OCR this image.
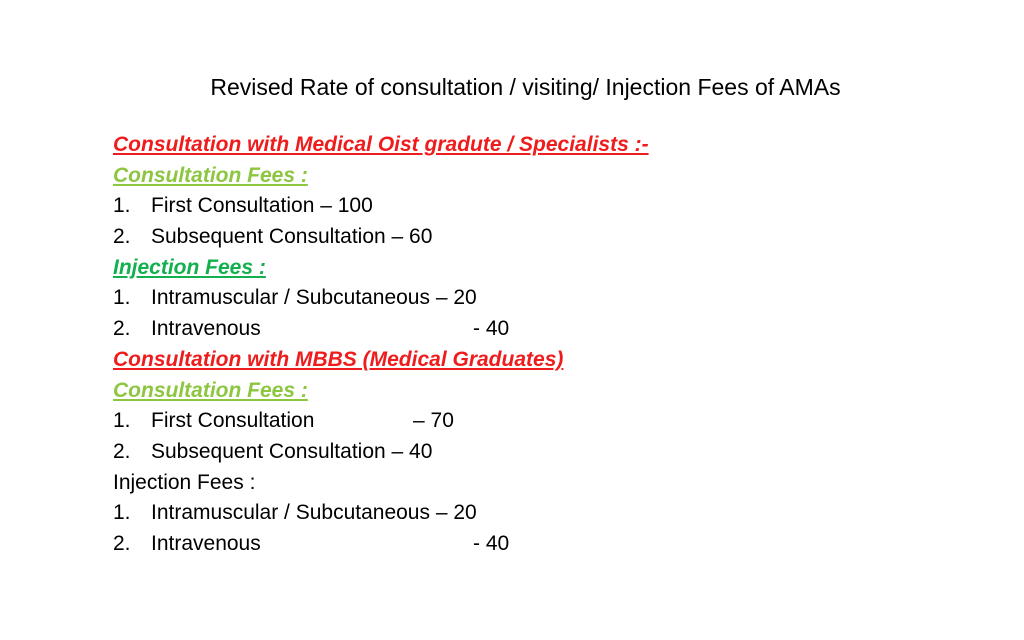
Revised Rate of consultation / visiting/ Injection Fees of AMAs
Consultation with Medical Oist gradute / Specialists :-
Consultation Fees :
1. First Consultation – 100
2. Subsequent Consultation – 60
Injection Fees :
1. Intramuscular / Subcutaneous – 20
2. Intravenous	- 40
Consultation with MBBS (Medical Graduates)
Consultation Fees :
1. First Consultation	– 70
2. Subsequent Consultation – 40
Injection Fees :
1. Intramuscular / Subcutaneous – 20
2. Intravenous	- 40
